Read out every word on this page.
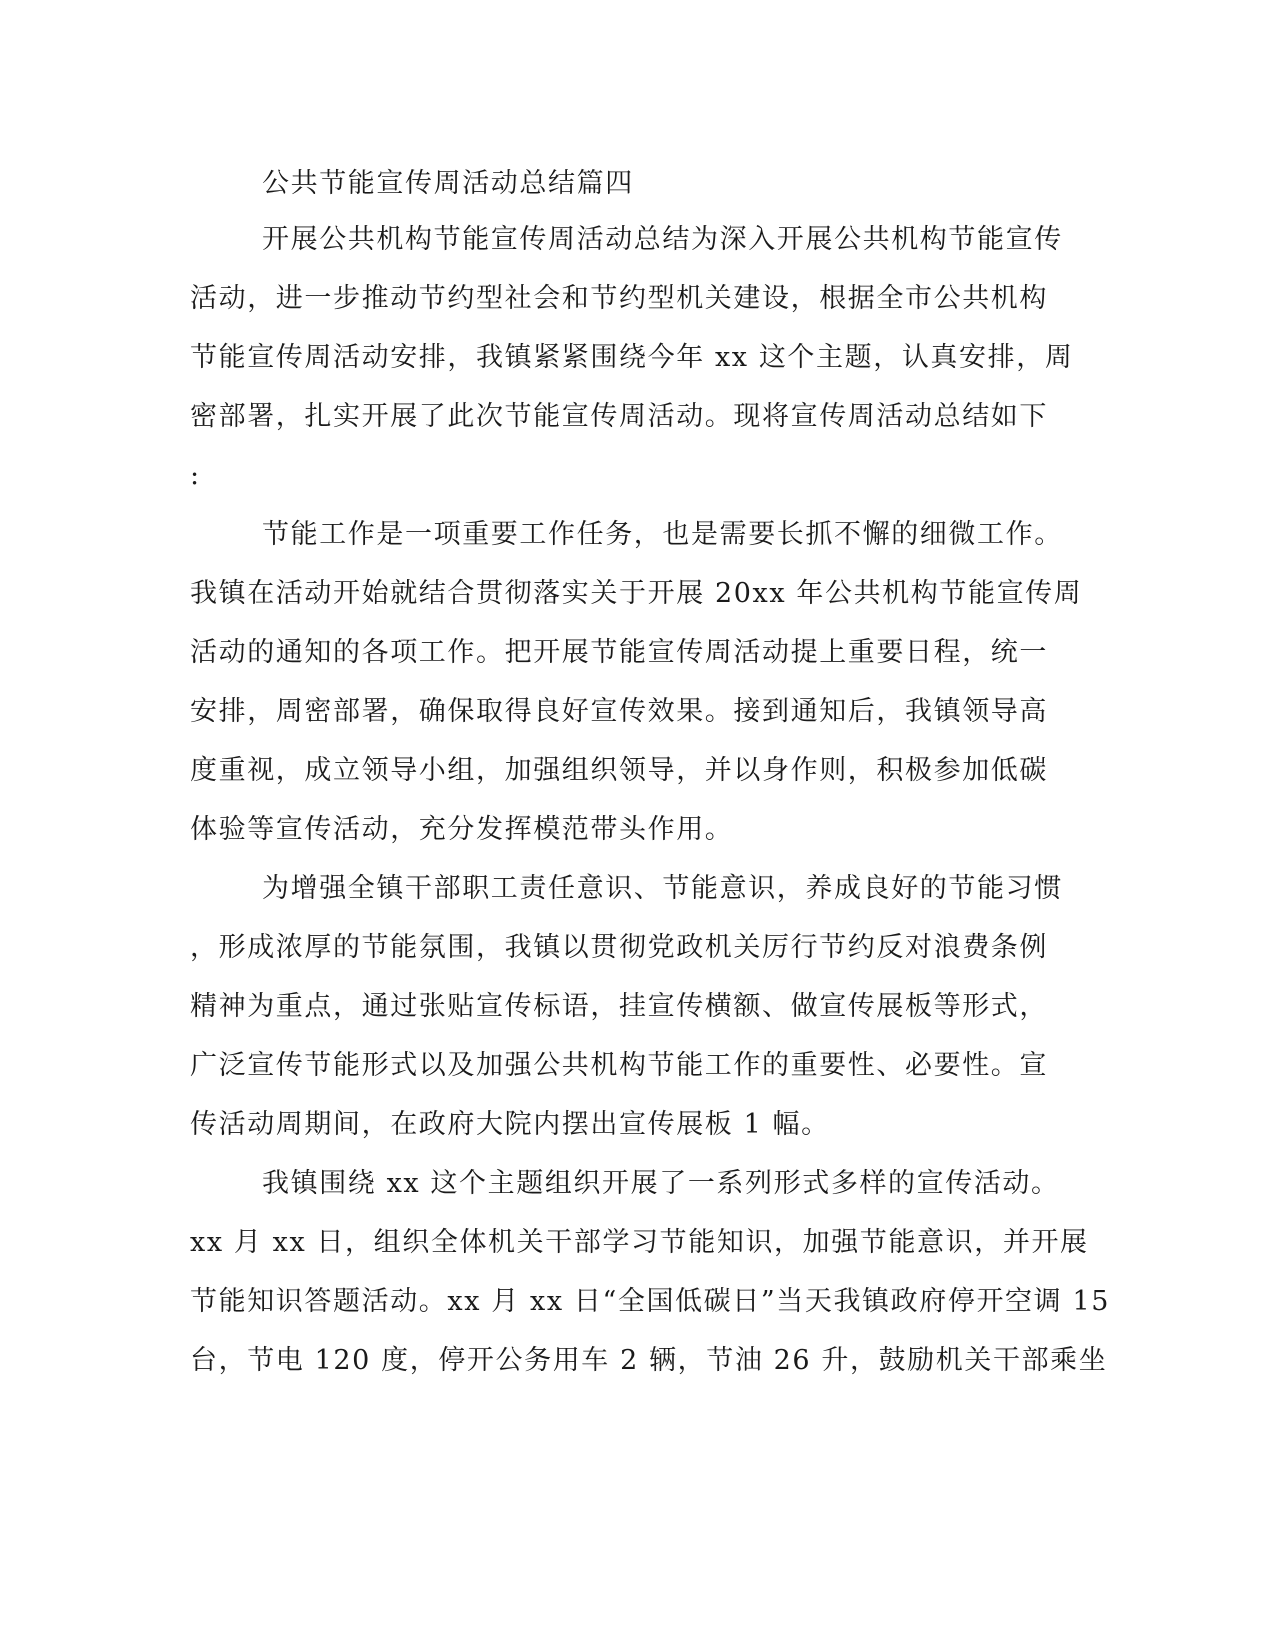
公共节能宣传周活动总结篇四
开展公共机构节能宣传周活动总结为深入开展公共机构节能宣传
活动，进一步推动节约型社会和节约型机关建设，根据全市公共机构
节能宣传周活动安排，我镇紧紧围绕今年 xx 这个主题，认真安排，周
密部署，扎实开展了此次节能宣传周活动。现将宣传周活动总结如下
:
节能工作是一项重要工作任务，也是需要长抓不懈的细微工作。
我镇在活动开始就结合贯彻落实关于开展 20xx 年公共机构节能宣传周
活动的通知的各项工作。把开展节能宣传周活动提上重要日程，统一
安排，周密部署，确保取得良好宣传效果。接到通知后，我镇领导高
度重视，成立领导小组，加强组织领导，并以身作则，积极参加低碳
体验等宣传活动，充分发挥模范带头作用。
为增强全镇干部职工责任意识、节能意识，养成良好的节能习惯
，形成浓厚的节能氛围，我镇以贯彻党政机关厉行节约反对浪费条例
精神为重点，通过张贴宣传标语，挂宣传横额、做宣传展板等形式，
广泛宣传节能形式以及加强公共机构节能工作的重要性、必要性。宣
传活动周期间，在政府大院内摆出宣传展板 1 幅。
我镇围绕 xx 这个主题组织开展了一系列形式多样的宣传活动。
xx 月 xx 日，组织全体机关干部学习节能知识，加强节能意识，并开展
节能知识答题活动。xx 月 xx 日“全国低碳日”当天我镇政府停开空调 15
台，节电 120 度，停开公务用车 2 辆，节油 26 升，鼓励机关干部乘坐
